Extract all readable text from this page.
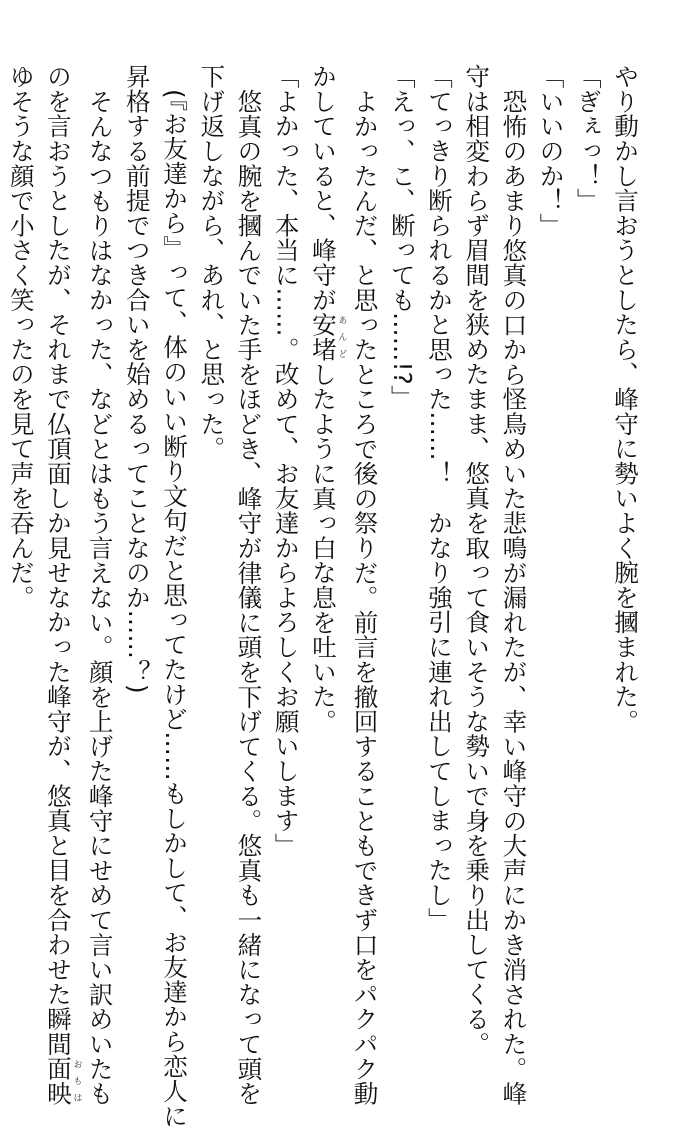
やり動かし言おうとしたら、峰守に勢いよく腕を摑まれた。
「ぎぇっ！」
「いいのか！」
恐怖のあまり悠真の口から怪鳥めいた悲鳴が漏れたが、幸い峰守の大声にかき消された。峰
守は相変わらず眉間を狭めたまま、悠真を取って食いそうな勢いで身を乗り出してくる。
「てっきり断られるかと思った……！　かなり強引に連れ出してしまったし」
「えっ、こ、断っても……!?」
よかったんだ、と思ったところで後の祭りだ。前言を撤回することもできず口をパクパク動
かしていると、峰守が安堵あんどしたように真っ白な息を吐いた。
「よかった、本当に……。改めて、お友達からよろしくお願いします」
悠真の腕を摑んでいた手をほどき、峰守が律儀に頭を下げてくる。悠真も一緒になって頭を
下げ返しながら、あれ、と思った。
(『お友達から』って、体のいい断り文句だと思ってたけど……もしかして、お友達から恋人に
昇格する前提でつき合いを始めるってことなのか……？)
そんなつもりはなかった、などとはもう言えない。顔を上げた峰守にせめて言い訳めいたも
のを言おうとしたが、それまで仏頂面しか見せなかった峰守が、悠真と目を合わせた瞬間面映おもは
ゆそうな顔で小さく笑ったのを見て声を吞んだ。
